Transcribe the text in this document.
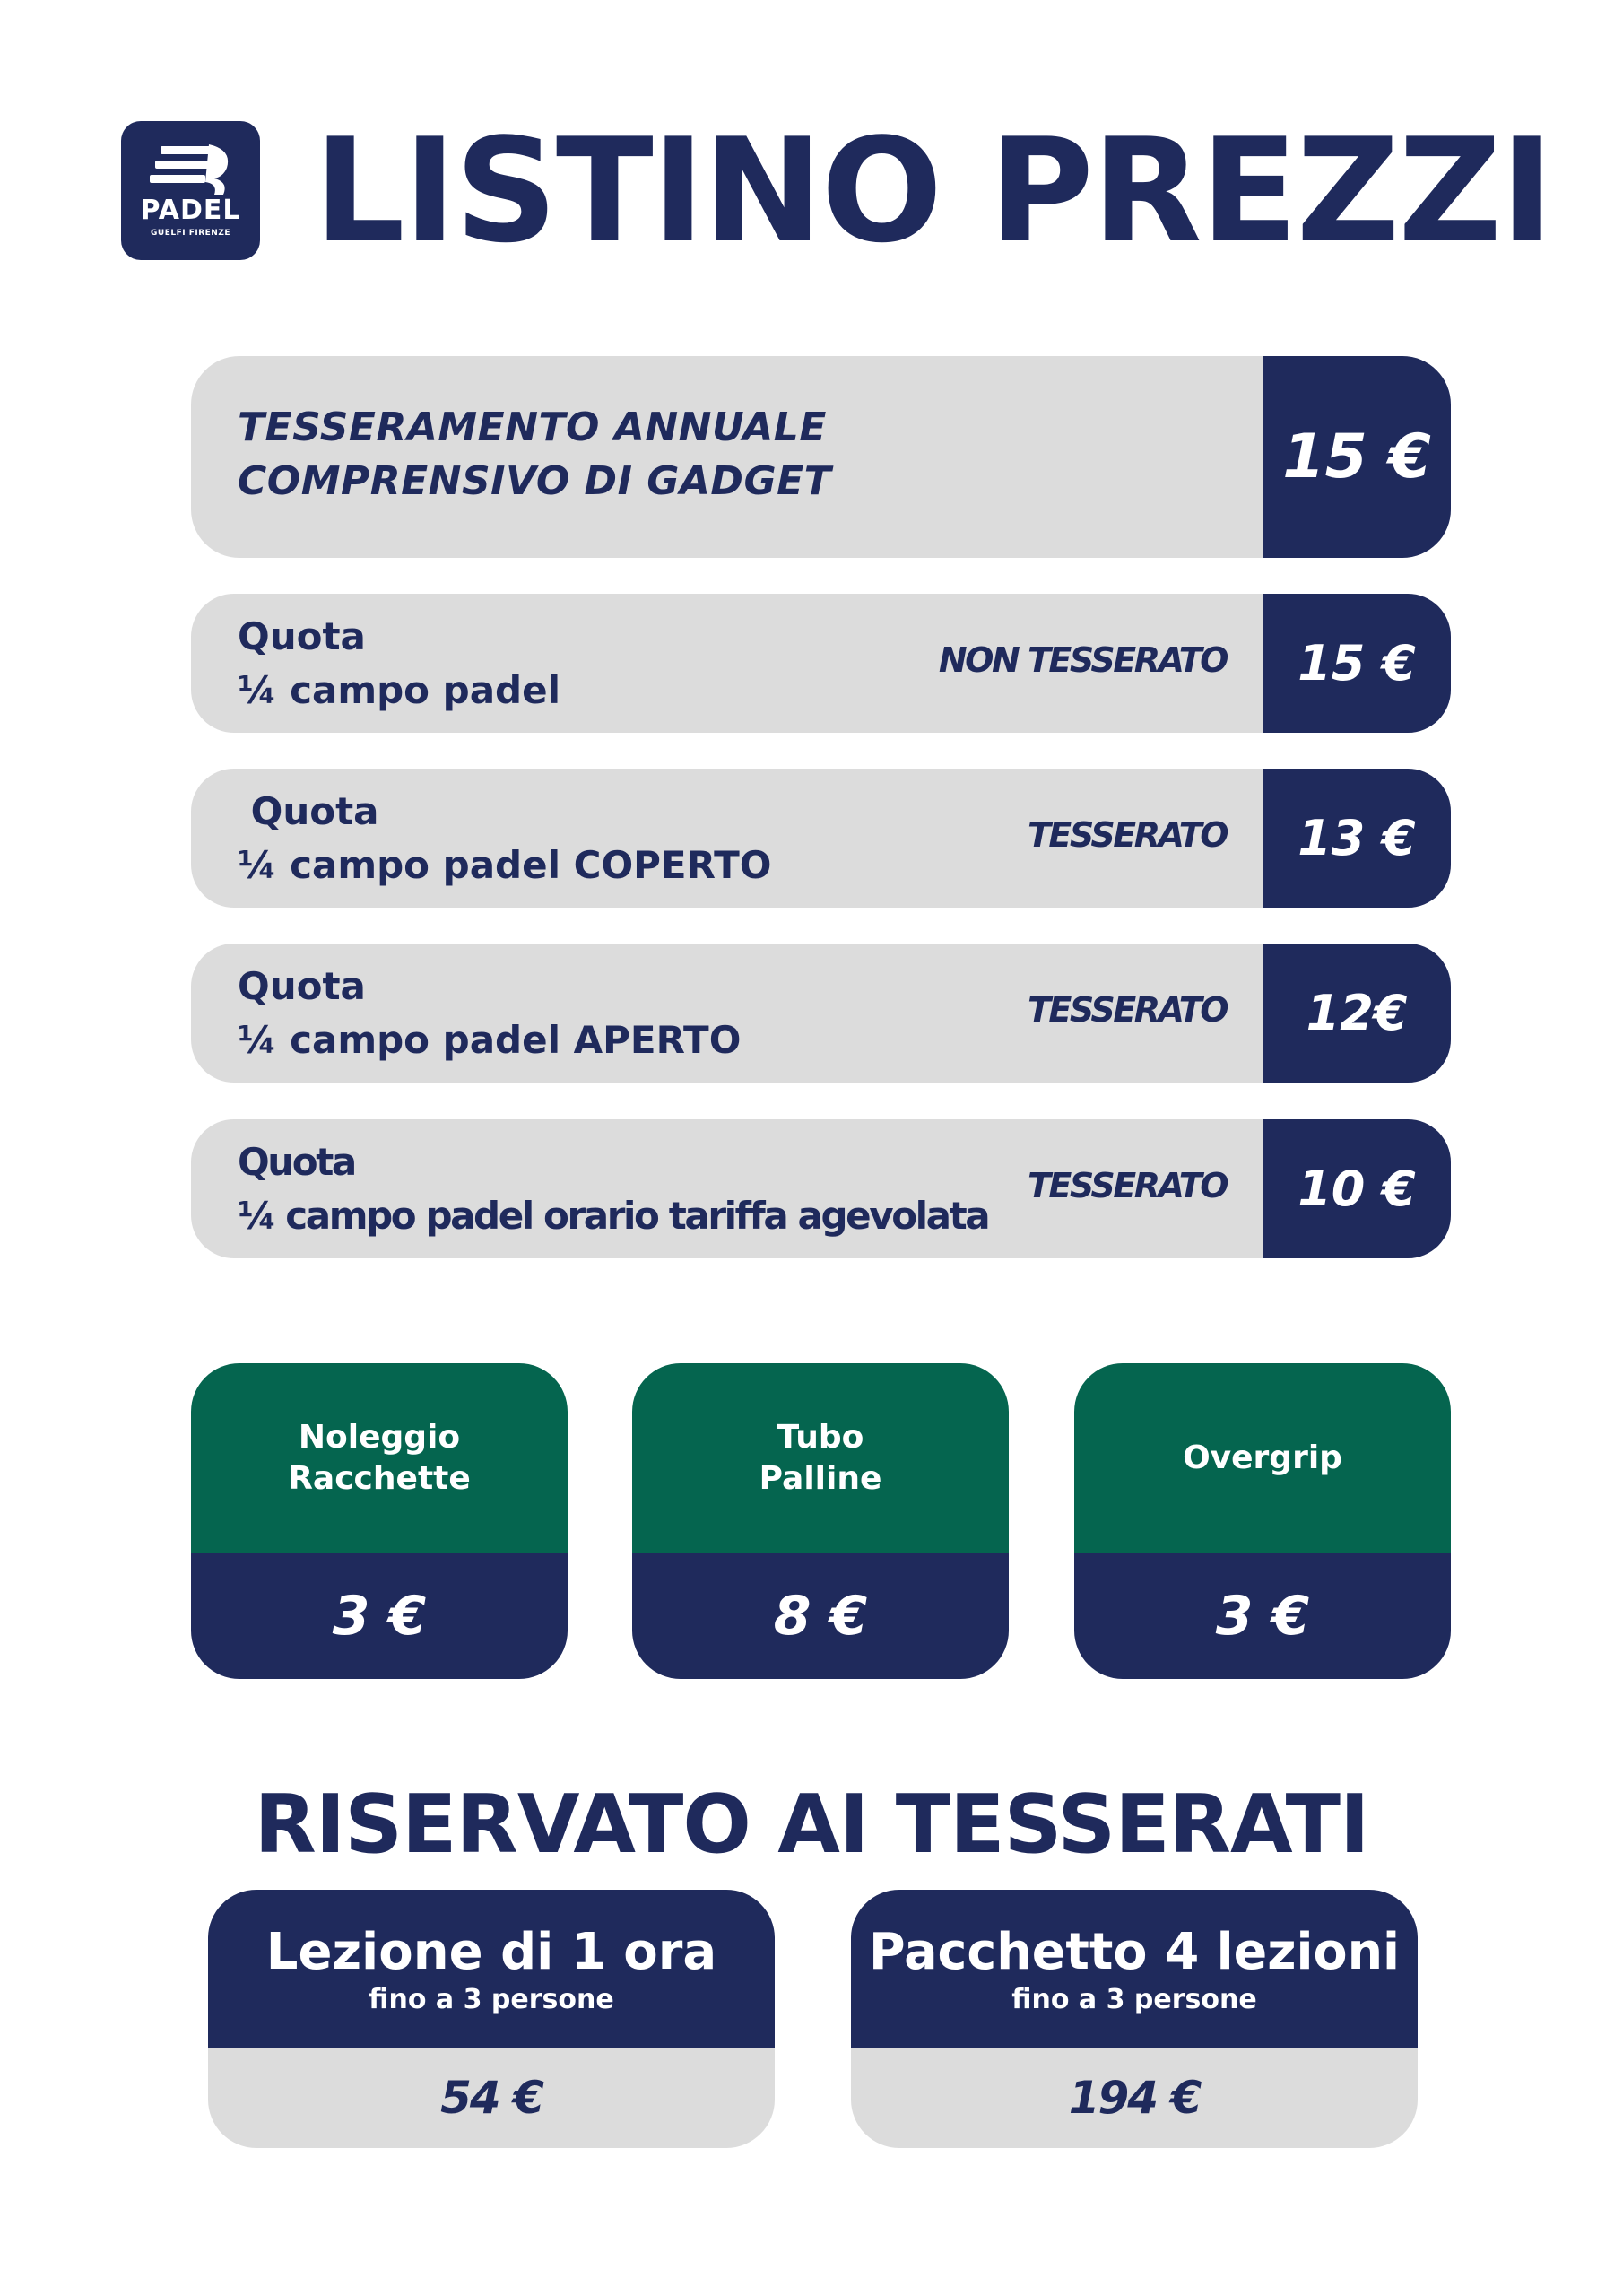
PADEL
GUELFI FIRENZE LISTINO PREZZI
TESSERAMENTO ANNUALE
COMPRENSIVO DI GADGET	15 €
Quota
¼ campo padel
NON TESSERATO	15 €
Quota
¼ campo padel COPERTO
TESSERATO	13 €
Quota
¼ campo padel APERTO
TESSERATO	12€
Quota
¼ campo padel orario tariffa agevolata
TESSERATO	10 €
Noleggio
Racchette
3 €
Tubo
Palline
8 €
Overgrip
3 €
RISERVATO AI TESSERATI
Lezione di 1 ora
fino a 3 persone
54 €
Pacchetto 4 lezioni
fino a 3 persone
194 €
